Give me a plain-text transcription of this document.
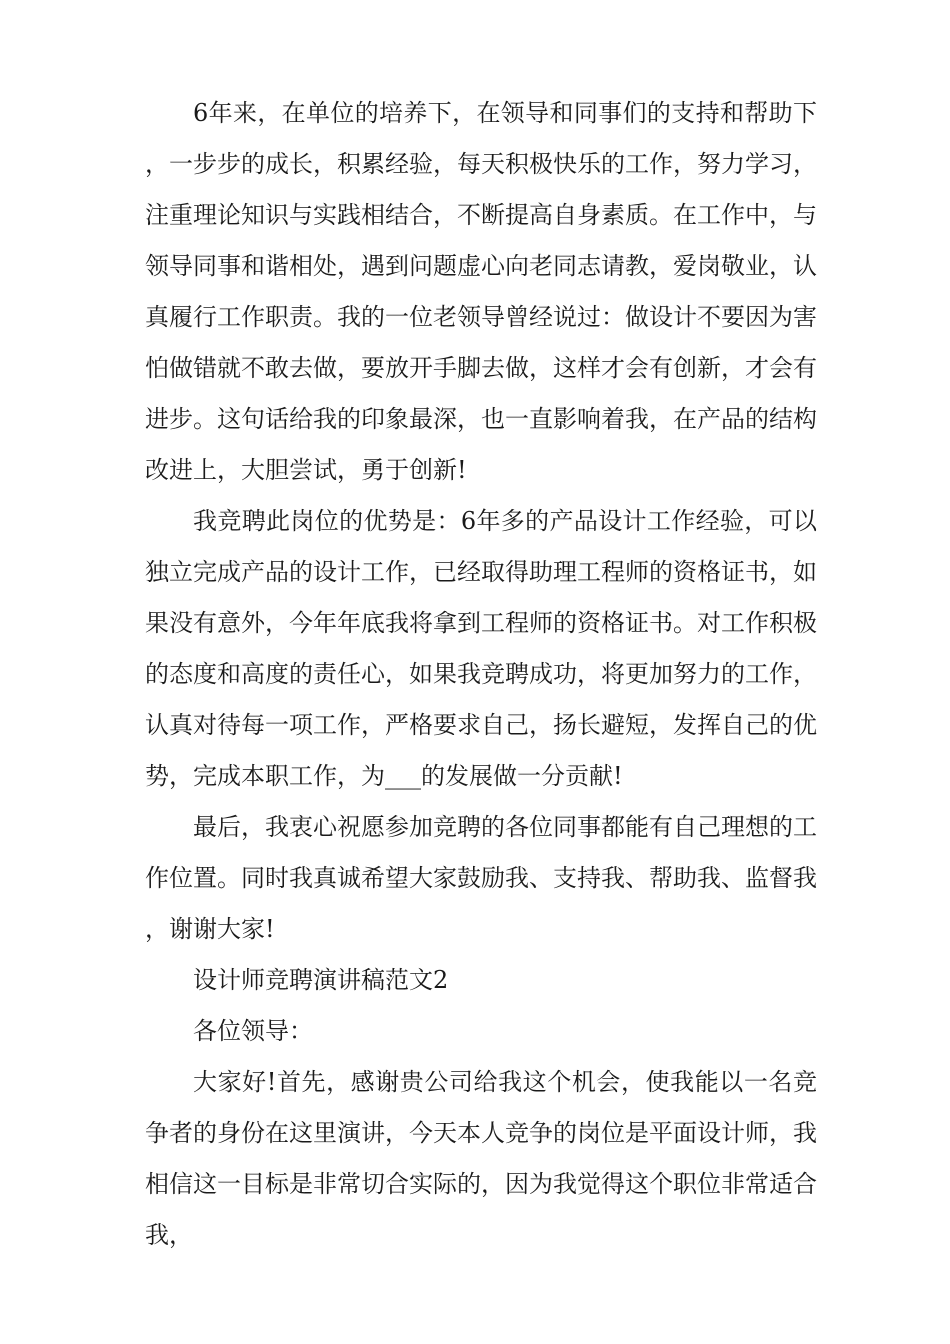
6年来，在单位的培养下，在领导和同事们的支持和帮助下，一步步的成长，积累经验，每天积极快乐的工作，努力学习，注重理论知识与实践相结合，不断提高自身素质。在工作中，与领导同事和谐相处，遇到问题虚心向老同志请教，爱岗敬业，认真履行工作职责。我的一位老领导曾经说过：做设计不要因为害怕做错就不敢去做，要放开手脚去做，这样才会有创新，才会有进步。这句话给我的印象最深，也一直影响着我，在产品的结构改进上，大胆尝试，勇于创新!

我竞聘此岗位的优势是：6年多的产品设计工作经验，可以独立完成产品的设计工作，已经取得助理工程师的资格证书，如果没有意外，今年年底我将拿到工程师的资格证书。对工作积极的态度和高度的责任心，如果我竞聘成功，将更加努力的工作，认真对待每一项工作，严格要求自己，扬长避短，发挥自己的优势，完成本职工作，为___的发展做一分贡献!

最后，我衷心祝愿参加竞聘的各位同事都能有自己理想的工作位置。同时我真诚希望大家鼓励我、支持我、帮助我、监督我，谢谢大家!

设计师竞聘演讲稿范文2

各位领导：

大家好!首先，感谢贵公司给我这个机会，使我能以一名竞争者的身份在这里演讲，今天本人竞争的岗位是平面设计师，我相信这一目标是非常切合实际的，因为我觉得这个职位非常适合我，
